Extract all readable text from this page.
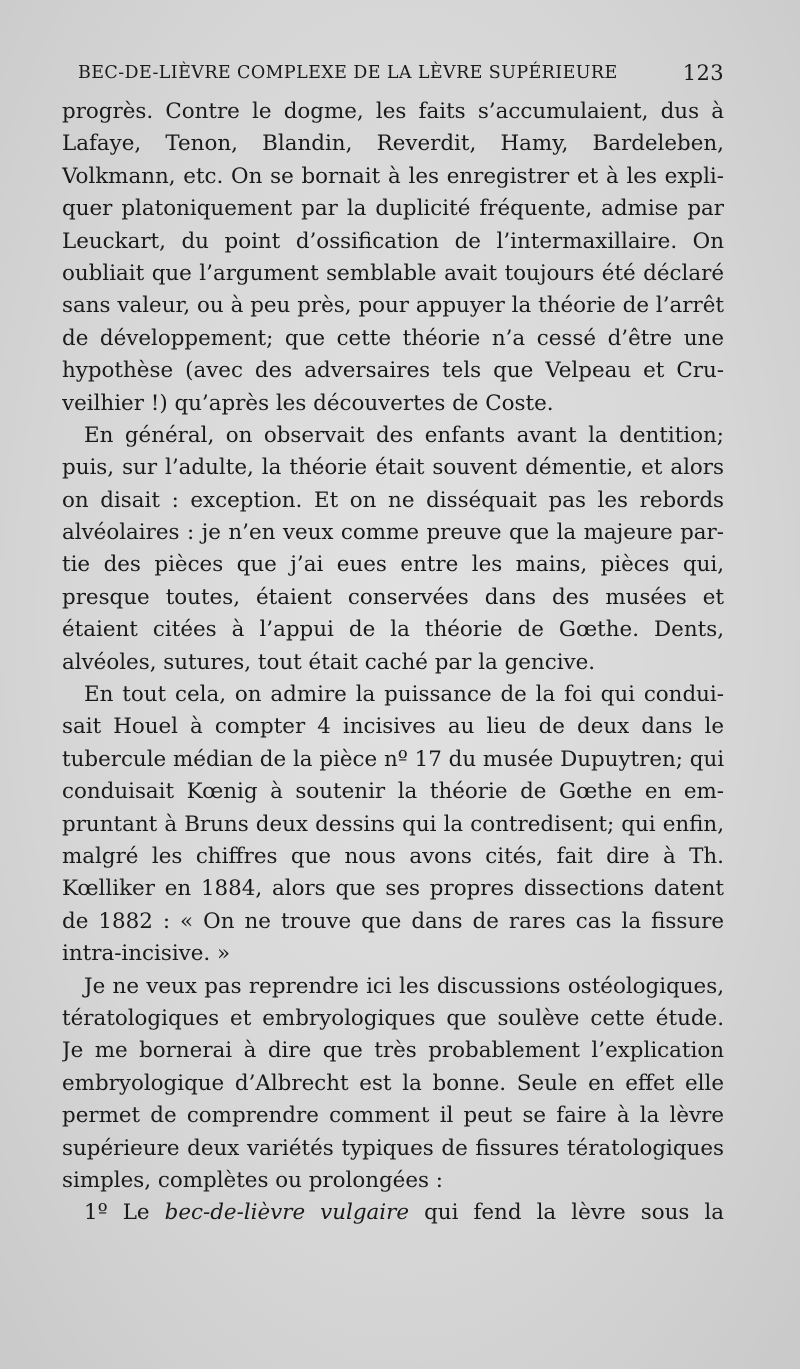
BEC-DE-LIÈVRE COMPLEXE DE LA LÈVRE SUPÉRIEURE	123
progrès. Contre le dogme, les faits s’accumulaient, dus à
Lafaye, Tenon, Blandin, Reverdit, Hamy, Bardeleben,
Volkmann, etc. On se bornait à les enregistrer et à les expli-
quer platoniquement par la duplicité fréquente, admise par
Leuckart, du point d’ossification de l’intermaxillaire. On
oubliait que l’argument semblable avait toujours été déclaré
sans valeur, ou à peu près, pour appuyer la théorie de l’arrêt
de développement; que cette théorie n’a cessé d’être une
hypothèse (avec des adversaires tels que Velpeau et Cru-
veilhier !) qu’après les découvertes de Coste.
En général, on observait des enfants avant la dentition;
puis, sur l’adulte, la théorie était souvent démentie, et alors
on disait : exception. Et on ne disséquait pas les rebords
alvéolaires : je n’en veux comme preuve que la majeure par-
tie des pièces que j’ai eues entre les mains, pièces qui,
presque toutes, étaient conservées dans des musées et
étaient citées à l’appui de la théorie de Gœthe. Dents,
alvéoles, sutures, tout était caché par la gencive.
En tout cela, on admire la puissance de la foi qui condui-
sait Houel à compter 4 incisives au lieu de deux dans le
tubercule médian de la pièce nº 17 du musée Dupuytren; qui
conduisait Kœnig à soutenir la théorie de Gœthe en em-
pruntant à Bruns deux dessins qui la contredisent; qui enfin,
malgré les chiffres que nous avons cités, fait dire à Th.
Kœlliker en 1884, alors que ses propres dissections datent
de 1882 : « On ne trouve que dans de rares cas la fissure
intra-incisive. »
Je ne veux pas reprendre ici les discussions ostéologiques,
tératologiques et embryologiques que soulève cette étude.
Je me bornerai à dire que très probablement l’explication
embryologique d’Albrecht est la bonne. Seule en effet elle
permet de comprendre comment il peut se faire à la lèvre
supérieure deux variétés typiques de fissures tératologiques
simples, complètes ou prolongées :
1º Le bec-de-lièvre vulgaire qui fend la lèvre sous la
